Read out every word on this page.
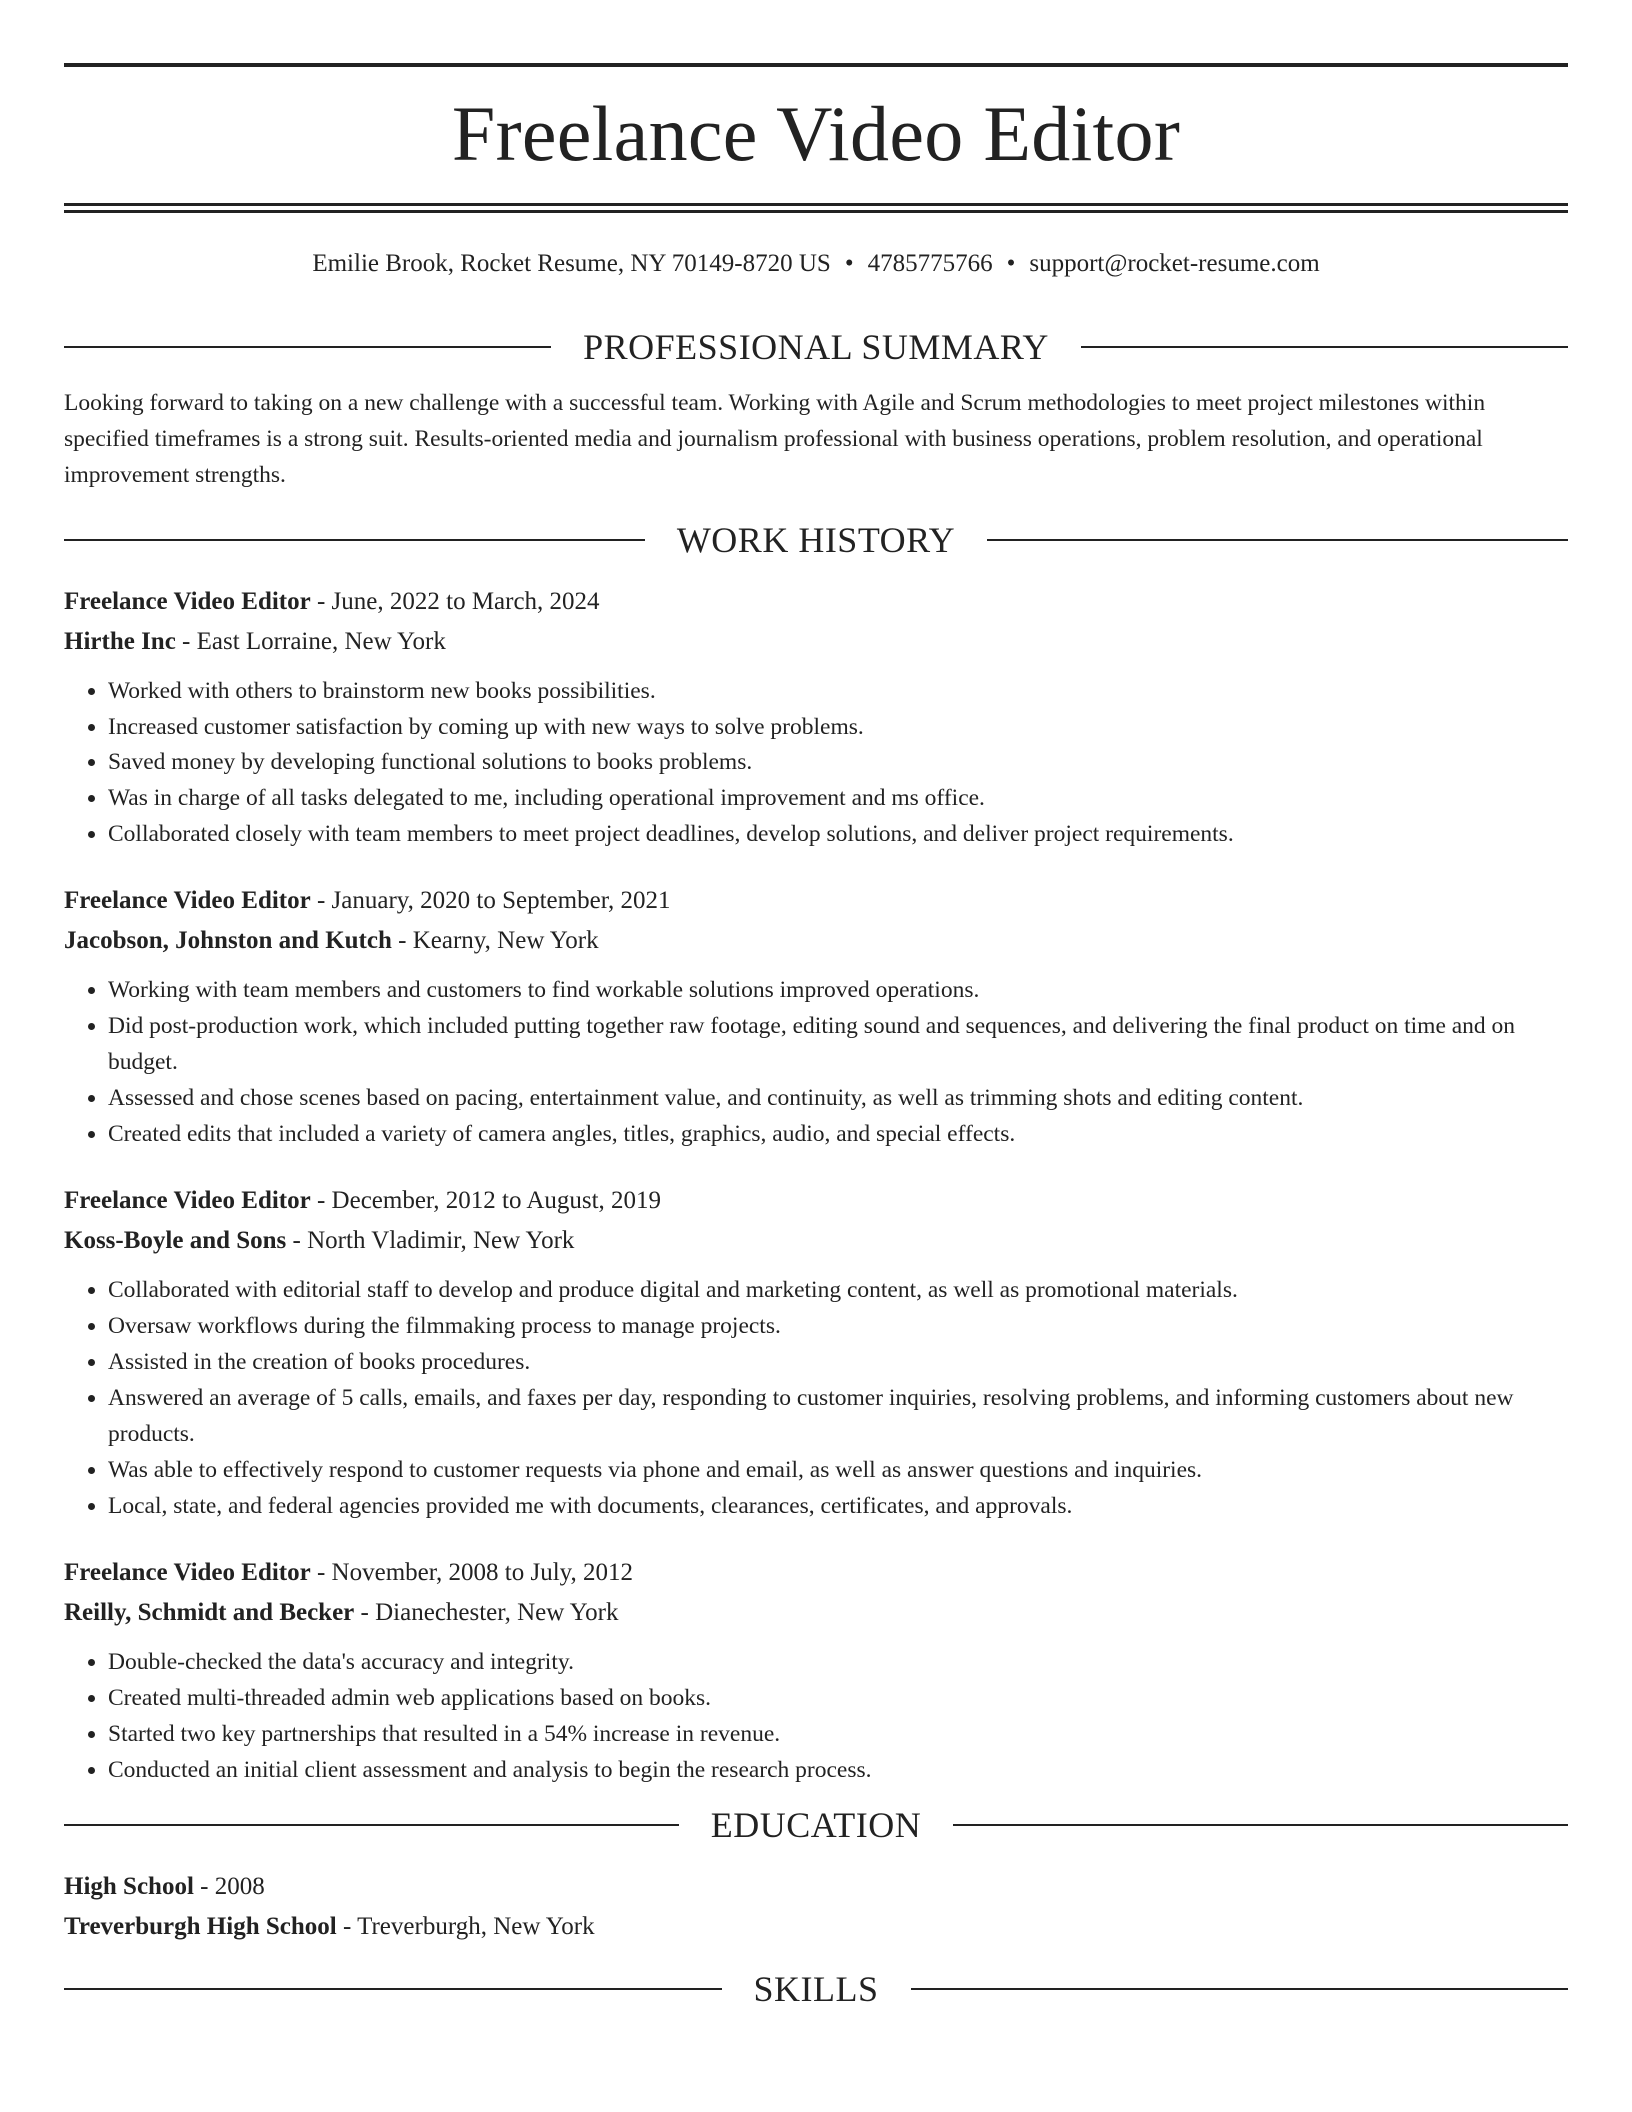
Freelance Video Editor
Emilie Brook, Rocket Resume, NY 70149-8720 US • 4785775766 • support@rocket-resume.com
PROFESSIONAL SUMMARY

Looking forward to taking on a new challenge with a successful team. Working with Agile and Scrum methodologies to meet project milestones within specified timeframes is a strong suit. Results-oriented media and journalism professional with business operations, problem resolution, and operational improvement strengths.

WORK HISTORY
Freelance Video Editor - June, 2022 to March, 2024
Hirthe Inc - East Lorraine, New York
• Worked with others to brainstorm new books possibilities.
• Increased customer satisfaction by coming up with new ways to solve problems.
• Saved money by developing functional solutions to books problems.
• Was in charge of all tasks delegated to me, including operational improvement and ms office.
• Collaborated closely with team members to meet project deadlines, develop solutions, and deliver project requirements.
Freelance Video Editor - January, 2020 to September, 2021
Jacobson, Johnston and Kutch - Kearny, New York
• Working with team members and customers to find workable solutions improved operations.
• Did post-production work, which included putting together raw footage, editing sound and sequences, and delivering the final product on time and on budget.
• Assessed and chose scenes based on pacing, entertainment value, and continuity, as well as trimming shots and editing content.
• Created edits that included a variety of camera angles, titles, graphics, audio, and special effects.
Freelance Video Editor - December, 2012 to August, 2019
Koss-Boyle and Sons - North Vladimir, New York
• Collaborated with editorial staff to develop and produce digital and marketing content, as well as promotional materials.
• Oversaw workflows during the filmmaking process to manage projects.
• Assisted in the creation of books procedures.
• Answered an average of 5 calls, emails, and faxes per day, responding to customer inquiries, resolving problems, and informing customers about new products.
• Was able to effectively respond to customer requests via phone and email, as well as answer questions and inquiries.
• Local, state, and federal agencies provided me with documents, clearances, certificates, and approvals.
Freelance Video Editor - November, 2008 to July, 2012
Reilly, Schmidt and Becker - Dianechester, New York
• Double-checked the data's accuracy and integrity.
• Created multi-threaded admin web applications based on books.
• Started two key partnerships that resulted in a 54% increase in revenue.
• Conducted an initial client assessment and analysis to begin the research process.
EDUCATION
High School - 2008
Treverburgh High School - Treverburgh, New York
SKILLS
